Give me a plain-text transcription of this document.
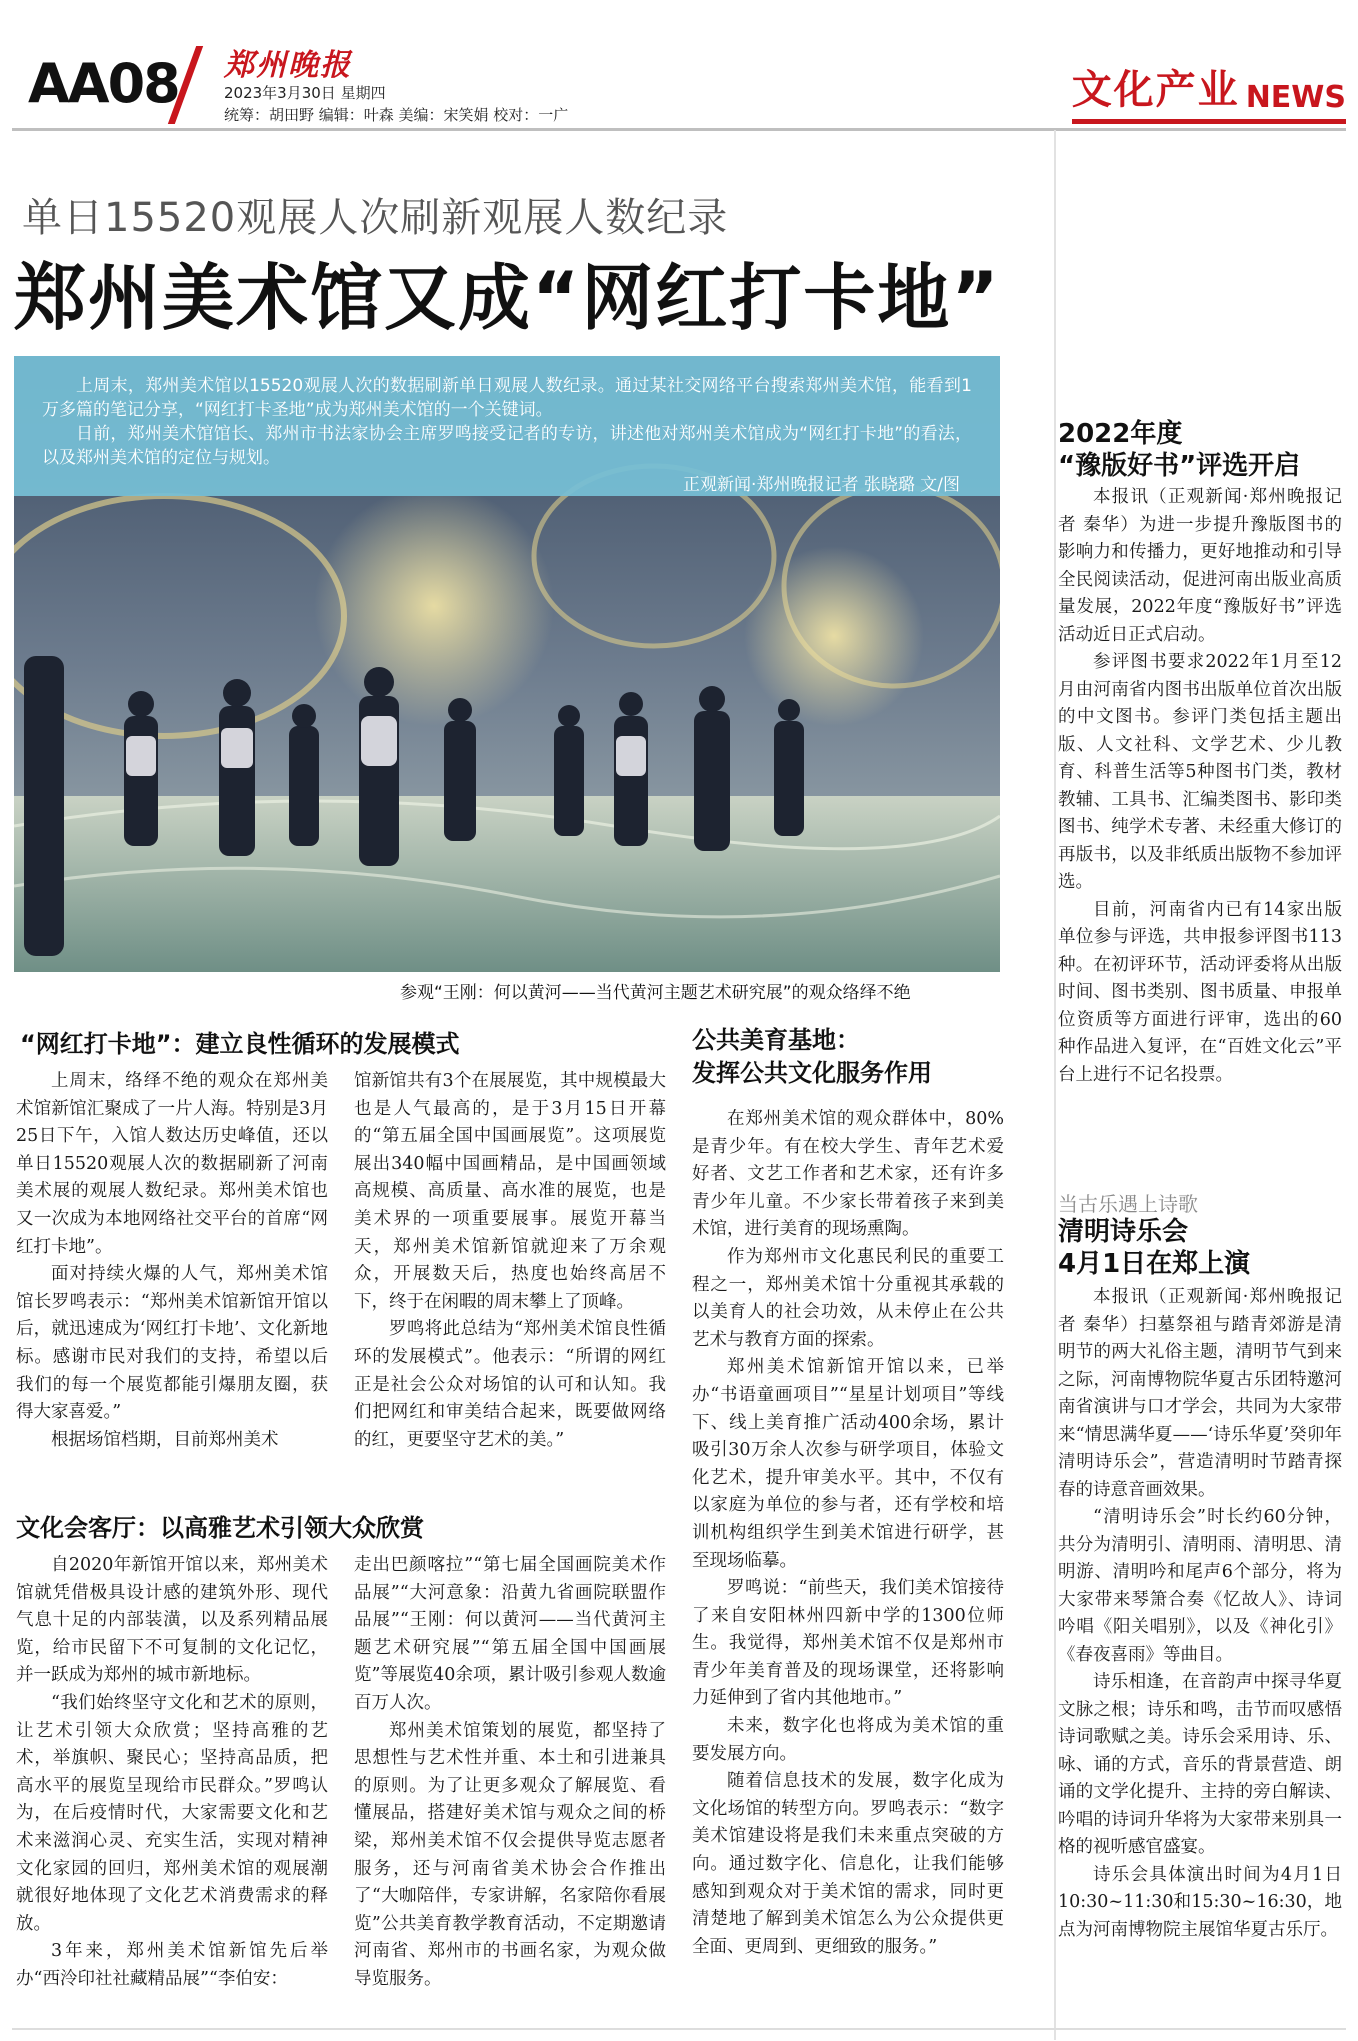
AA08 郑州晚报
2023年3月30日 星期四
统筹：胡田野 编辑：叶森 美编：宋笑娟 校对：一广
文化产业 NEWS
单日15520观展人次刷新观展人数纪录
郑州美术馆又成“网红打卡地”

上周末，郑州美术馆以15520观展人次的数据刷新单日观展人数纪录。通过某社交网络平台搜索郑州美术馆，能看到1万多篇的笔记分享，“网红打卡圣地”成为郑州美术馆的一个关键词。

日前，郑州美术馆馆长、郑州市书法家协会主席罗鸣接受记者的专访，讲述他对郑州美术馆成为“网红打卡地”的看法，以及郑州美术馆的定位与规划。

正观新闻·郑州晚报记者 张晓璐 文/图
参观“王刚：何以黄河——当代黄河主题艺术研究展”的观众络绎不绝
“网红打卡地”：建立良性循环的发展模式

上周末，络绎不绝的观众在郑州美术馆新馆汇聚成了一片人海。特别是3月25日下午，入馆人数达历史峰值，还以单日15520观展人次的数据刷新了河南美术展的观展人数纪录。郑州美术馆也又一次成为本地网络社交平台的首席“网红打卡地”。

面对持续火爆的人气，郑州美术馆馆长罗鸣表示：“郑州美术馆新馆开馆以后，就迅速成为‘网红打卡地’、文化新地标。感谢市民对我们的支持，希望以后我们的每一个展览都能引爆朋友圈，获得大家喜爱。”

根据场馆档期，目前郑州美术

馆新馆共有3个在展展览，其中规模最大也是人气最高的，是于3月15日开幕的“第五届全国中国画展览”。这项展览展出340幅中国画精品，是中国画领域高规模、高质量、高水准的展览，也是美术界的一项重要展事。展览开幕当天，郑州美术馆新馆就迎来了万余观众，开展数天后，热度也始终高居不下，终于在闲暇的周末攀上了顶峰。

罗鸣将此总结为“郑州美术馆良性循环的发展模式”。他表示：“所谓的网红正是社会公众对场馆的认可和认知。我们把网红和审美结合起来，既要做网络的红，更要坚守艺术的美。”

文化会客厅：以高雅艺术引领大众欣赏

自2020年新馆开馆以来，郑州美术馆就凭借极具设计感的建筑外形、现代气息十足的内部装潢，以及系列精品展览，给市民留下不可复制的文化记忆，并一跃成为郑州的城市新地标。

“我们始终坚守文化和艺术的原则，让艺术引领大众欣赏；坚持高雅的艺术，举旗帜、聚民心；坚持高品质，把高水平的展览呈现给市民群众。”罗鸣认为，在后疫情时代，大家需要文化和艺术来滋润心灵、充实生活，实现对精神文化家园的回归，郑州美术馆的观展潮就很好地体现了文化艺术消费需求的释放。

3年来，郑州美术馆新馆先后举办“西泠印社社藏精品展”“李伯安：

走出巴颜喀拉”“第七届全国画院美术作品展”“大河意象：沿黄九省画院联盟作品展”“王刚：何以黄河——当代黄河主题艺术研究展”“第五届全国中国画展览”等展览40余项，累计吸引参观人数逾百万人次。

郑州美术馆策划的展览，都坚持了思想性与艺术性并重、本土和引进兼具的原则。为了让更多观众了解展览、看懂展品，搭建好美术馆与观众之间的桥梁，郑州美术馆不仅会提供导览志愿者服务，还与河南省美术协会合作推出了“大咖陪伴，专家讲解，名家陪你看展览”公共美育教学教育活动，不定期邀请河南省、郑州市的书画名家，为观众做导览服务。

公共美育基地：
发挥公共文化服务作用

在郑州美术馆的观众群体中，80%是青少年。有在校大学生、青年艺术爱好者、文艺工作者和艺术家，还有许多青少年儿童。不少家长带着孩子来到美术馆，进行美育的现场熏陶。

作为郑州市文化惠民利民的重要工程之一，郑州美术馆十分重视其承载的以美育人的社会功效，从未停止在公共艺术与教育方面的探索。

郑州美术馆新馆开馆以来，已举办“书语童画项目”“星星计划项目”等线下、线上美育推广活动400余场，累计吸引30万余人次参与研学项目，体验文化艺术，提升审美水平。其中，不仅有以家庭为单位的参与者，还有学校和培训机构组织学生到美术馆进行研学，甚至现场临摹。

罗鸣说：“前些天，我们美术馆接待了来自安阳林州四新中学的1300位师生。我觉得，郑州美术馆不仅是郑州市青少年美育普及的现场课堂，还将影响力延伸到了省内其他地市。”

未来，数字化也将成为美术馆的重要发展方向。

随着信息技术的发展，数字化成为文化场馆的转型方向。罗鸣表示：“数字美术馆建设将是我们未来重点突破的方向。通过数字化、信息化，让我们能够感知到观众对于美术馆的需求，同时更清楚地了解到美术馆怎么为公众提供更全面、更周到、更细致的服务。”

2022年度
“豫版好书”评选开启

本报讯（正观新闻·郑州晚报记者 秦华）为进一步提升豫版图书的影响力和传播力，更好地推动和引导全民阅读活动，促进河南出版业高质量发展，2022年度“豫版好书”评选活动近日正式启动。

参评图书要求2022年1月至12月由河南省内图书出版单位首次出版的中文图书。参评门类包括主题出版、人文社科、文学艺术、少儿教育、科普生活等5种图书门类，教材教辅、工具书、汇编类图书、影印类图书、纯学术专著、未经重大修订的再版书，以及非纸质出版物不参加评选。

目前，河南省内已有14家出版单位参与评选，共申报参评图书113种。在初评环节，活动评委将从出版时间、图书类别、图书质量、申报单位资质等方面进行评审，选出的60种作品进入复评，在“百姓文化云”平台上进行不记名投票。

当古乐遇上诗歌
清明诗乐会
4月1日在郑上演

本报讯（正观新闻·郑州晚报记者 秦华）扫墓祭祖与踏青郊游是清明节的两大礼俗主题，清明节气到来之际，河南博物院华夏古乐团特邀河南省演讲与口才学会，共同为大家带来“情思满华夏——‘诗乐华夏’癸卯年清明诗乐会”，营造清明时节踏青探春的诗意音画效果。

“清明诗乐会”时长约60分钟，共分为清明引、清明雨、清明思、清明游、清明吟和尾声6个部分，将为大家带来琴箫合奏《忆故人》、诗词吟唱《阳关唱别》，以及《神化引》《春夜喜雨》等曲目。

诗乐相逢，在音韵声中探寻华夏文脉之根；诗乐和鸣，击节而叹感悟诗词歌赋之美。诗乐会采用诗、乐、咏、诵的方式，音乐的背景营造、朗诵的文学化提升、主持的旁白解读、吟唱的诗词升华将为大家带来别具一格的视听感官盛宴。

诗乐会具体演出时间为4月1日10:30~11:30和15:30~16:30，地点为河南博物院主展馆华夏古乐厅。
